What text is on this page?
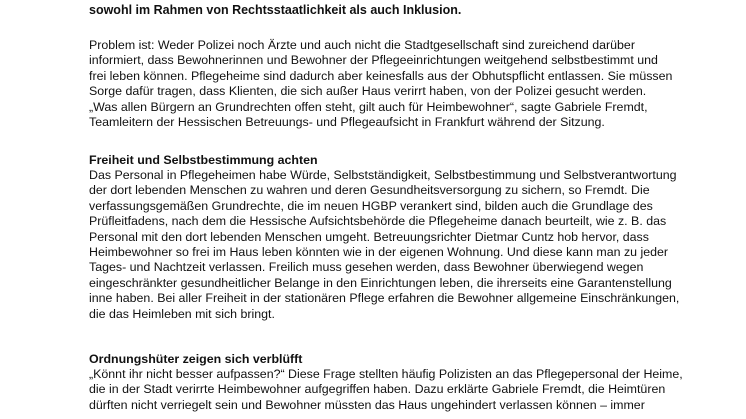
sowohl im Rahmen von Rechtsstaatlichkeit als auch Inklusion.

Problem ist: Weder Polizei noch Ärzte und auch nicht die Stadtgesellschaft sind zureichend darüber
informiert, dass Bewohnerinnen und Bewohner der Pflegeeinrichtungen weitgehend selbstbestimmt und
frei leben können. Pflegeheime sind dadurch aber keinesfalls aus der Obhutspflicht entlassen. Sie müssen
Sorge dafür tragen, dass Klienten, die sich außer Haus verirrt haben, von der Polizei gesucht werden.
„Was allen Bürgern an Grundrechten offen steht, gilt auch für Heimbewohner“, sagte Gabriele Fremdt,
Teamleitern der Hessischen Betreuungs- und Pflegeaufsicht in Frankfurt während der Sitzung.

Freiheit und Selbstbestimmung achten

Das Personal in Pflegeheimen habe Würde, Selbstständigkeit, Selbstbestimmung und Selbstverantwortung
der dort lebenden Menschen zu wahren und deren Gesundheitsversorgung zu sichern, so Fremdt. Die
verfassungsgemäßen Grundrechte, die im neuen HGBP verankert sind, bilden auch die Grundlage des
Prüfleitfadens, nach dem die Hessische Aufsichtsbehörde die Pflegeheime danach beurteilt, wie z. B. das
Personal mit den dort lebenden Menschen umgeht. Betreuungsrichter Dietmar Cuntz hob hervor, dass
Heimbewohner so frei im Haus leben könnten wie in der eigenen Wohnung. Und diese kann man zu jeder
Tages- und Nachtzeit verlassen. Freilich muss gesehen werden, dass Bewohner überwiegend wegen
eingeschränkter gesundheitlicher Belange in den Einrichtungen leben, die ihrerseits eine Garantenstellung
inne haben. Bei aller Freiheit in der stationären Pflege erfahren die Bewohner allgemeine Einschränkungen,
die das Heimleben mit sich bringt.

Ordnungshüter zeigen sich verblüfft

„Könnt ihr nicht besser aufpassen?“ Diese Frage stellten häufig Polizisten an das Pflegepersonal der Heime,
die in der Stadt verirrte Heimbewohner aufgegriffen haben. Dazu erklärte Gabriele Fremdt, die Heimtüren
dürften nicht verriegelt sein und Bewohner müssten das Haus ungehindert verlassen können – immer
